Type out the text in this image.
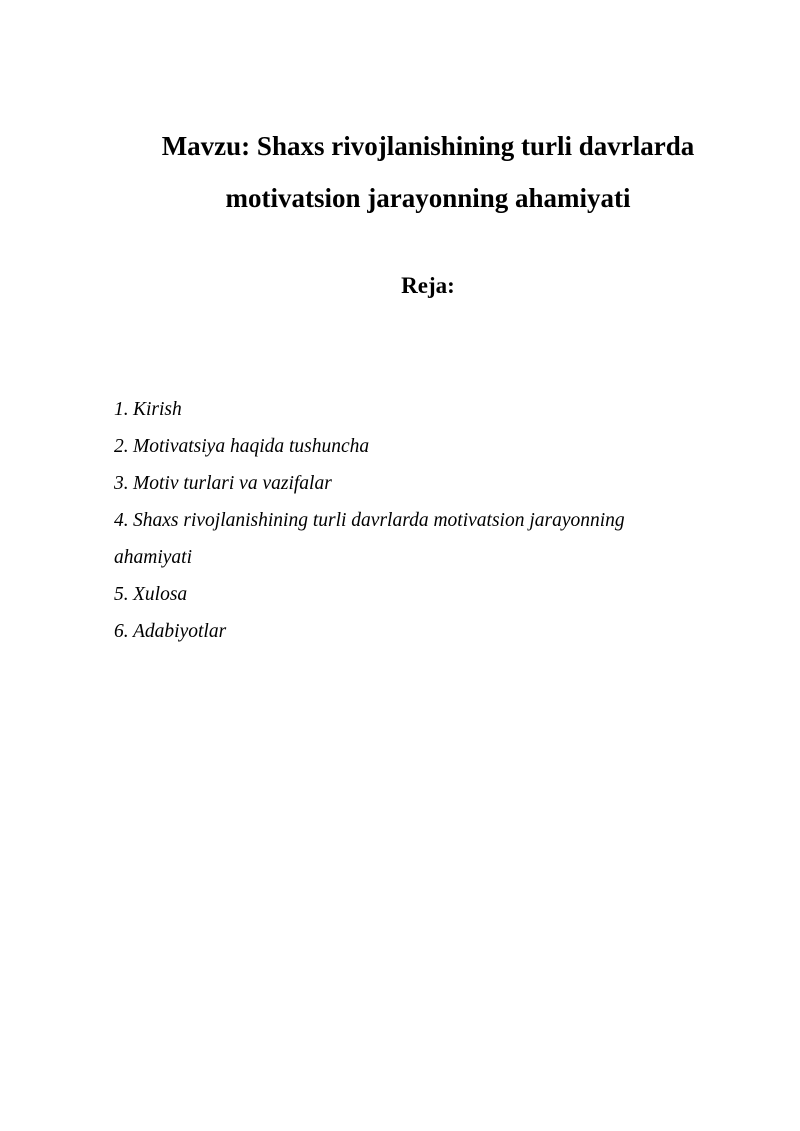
Mavzu: Shaxs rivojlanishining turli davrlarda
motivatsion jarayonning ahamiyati
Reja:
1. Kirish
2. Motivatsiya haqida tushuncha
3. Motiv turlari va vazifalar
4. Shaxs rivojlanishining turli davrlarda motivatsion jarayonning ahamiyati
5. Xulosa
6. Adabiyotlar
